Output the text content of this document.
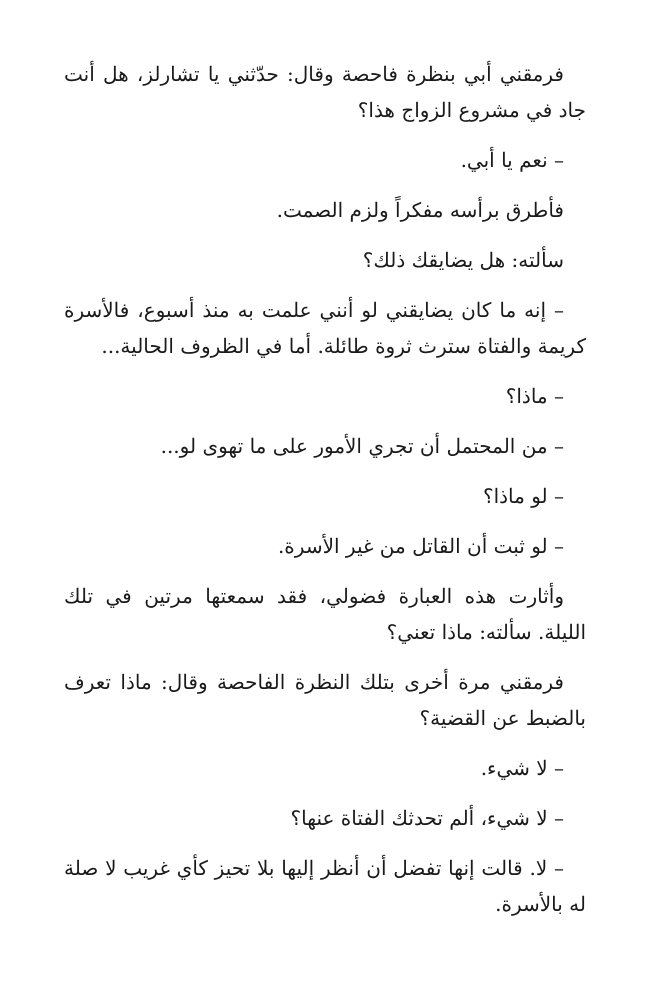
فرمقني أبي بنظرة فاحصة وقال: حدّثني يا تشارلز، هل أنت جاد في مشروع الزواج هذا؟

– نعم يا أبي.

فأطرق برأسه مفكراً ولزم الصمت.

سألته: هل يضايقك ذلك؟

– إنه ما كان يضايقني لو أنني علمت به منذ أسبوع، فالأسرة كريمة والفتاة سترث ثروة طائلة. أما في الظروف الحالية...

– ماذا؟

– من المحتمل أن تجري الأمور على ما تهوى لو...

– لو ماذا؟

– لو ثبت أن القاتل من غير الأسرة.

وأثارت هذه العبارة فضولي، فقد سمعتها مرتين في تلك الليلة. سألته: ماذا تعني؟

فرمقني مرة أخرى بتلك النظرة الفاحصة وقال: ماذا تعرف بالضبط عن القضية؟

– لا شيء.

– لا شيء، ألم تحدثك الفتاة عنها؟

– لا. قالت إنها تفضل أن أنظر إليها بلا تحيز كأي غريب لا صلة له بالأسرة.
